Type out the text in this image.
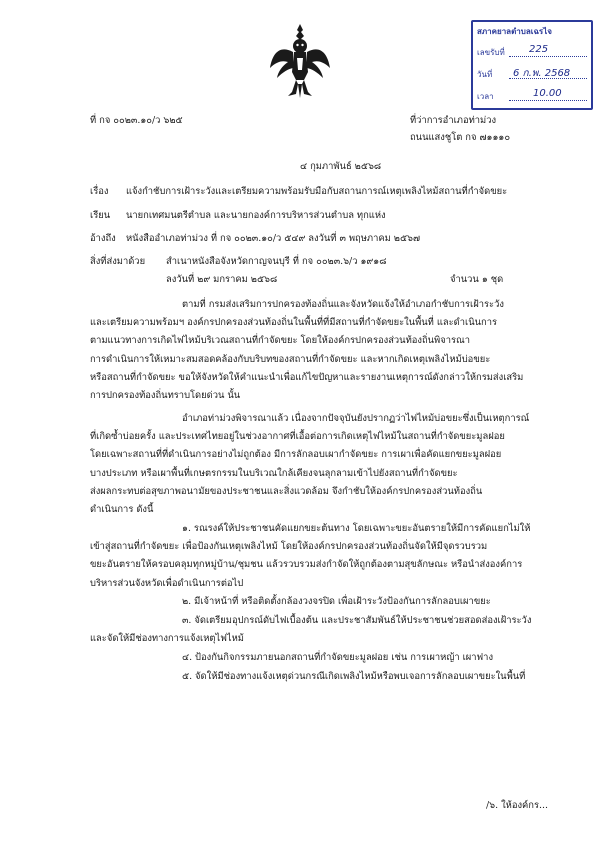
สภาคยาลตำบลเฉรไจ
เลขรับที่ 225
วันที่ 6 ก.พ. 2568
เวลา	10.00
ที่ กจ ๐๐๒๓.๑๐/ว ๖๒๕	ที่ว่าการอำเภอท่าม่วง
ถนนแสงชูโต กจ ๗๑๑๑๐
๔ กุมภาพันธ์ ๒๕๖๘
เรื่อง แจ้งกำชับการเฝ้าระวังและเตรียมความพร้อมรับมือกับสถานการณ์เหตุเพลิงไหม้สถานที่กำจัดขยะ
เรียน นายกเทศมนตรีตำบล และนายกองค์การบริหารส่วนตำบล ทุกแห่ง
อ้างถึง หนังสืออำเภอท่าม่วง ที่ กจ ๐๐๒๓.๑๐/ว ๕๔๙ ลงวันที่ ๓ พฤษภาคม ๒๕๖๗
สิ่งที่ส่งมาด้วย สำเนาหนังสือจังหวัดกาญจนบุรี ที่ กจ ๐๐๒๓.๖/ว ๑๙๑๘
ลงวันที่ ๒๙ มกราคม ๒๕๖๘	จำนวน ๑ ชุด
ตามที่ กรมส่งเสริมการปกครองท้องถิ่นและจังหวัดแจ้งให้อำเภอกำชับการเฝ้าระวัง
และเตรียมความพร้อมฯ องค์กรปกครองส่วนท้องถิ่นในพื้นที่ที่มีสถานที่กำจัดขยะในพื้นที่ และดำเนินการ
ตามแนวทางการเกิดไฟไหม้บริเวณสถานที่กำจัดขยะ โดยให้องค์กรปกครองส่วนท้องถิ่นพิจารณา
การดำเนินการให้เหมาะสมสอดคล้องกับบริบทของสถานที่กำจัดขยะ และหากเกิดเหตุเพลิงไหม้บ่อขยะ
หรือสถานที่กำจัดขยะ ขอให้จังหวัดให้คำแนะนำเพื่อแก้ไขปัญหาและรายงานเหตุการณ์ดังกล่าวให้กรมส่งเสริม
การปกครองท้องถิ่นทราบโดยด่วน นั้น
อำเภอท่าม่วงพิจารณาแล้ว เนื่องจากปัจจุบันยังปรากฏว่าไฟไหม้บ่อขยะซึ่งเป็นเหตุการณ์
ที่เกิดซ้ำบ่อยครั้ง และประเทศไทยอยู่ในช่วงอากาศที่เอื้อต่อการเกิดเหตุไฟไหม้ในสถานที่กำจัดขยะมูลฝอย
โดยเฉพาะสถานที่ที่ดำเนินการอย่างไม่ถูกต้อง มีการลักลอบเผากำจัดขยะ การเผาเพื่อคัดแยกขยะมูลฝอย
บางประเภท หรือเผาพื้นที่เกษตรกรรมในบริเวณใกล้เคียงจนลุกลามเข้าไปยังสถานที่กำจัดขยะ
ส่งผลกระทบต่อสุขภาพอนามัยของประชาชนและสิ่งแวดล้อม จึงกำชับให้องค์กรปกครองส่วนท้องถิ่น
ดำเนินการ ดังนี้
๑. รณรงค์ให้ประชาชนคัดแยกขยะต้นทาง โดยเฉพาะขยะอันตรายให้มีการคัดแยกไม่ให้
เข้าสู่สถานที่กำจัดขยะ เพื่อป้องกันเหตุเพลิงไหม้ โดยให้องค์กรปกครองส่วนท้องถิ่นจัดให้มีจุดรวบรวม
ขยะอันตรายให้ครอบคลุมทุกหมู่บ้าน/ชุมชน แล้วรวบรวมส่งกำจัดให้ถูกต้องตามสุขลักษณะ หรือนำส่งองค์การ
บริหารส่วนจังหวัดเพื่อดำเนินการต่อไป
๒. มีเจ้าหน้าที่ หรือติดตั้งกล้องวงจรปิด เพื่อเฝ้าระวังป้องกันการลักลอบเผาขยะ
๓. จัดเตรียมอุปกรณ์ดับไฟเบื้องต้น และประชาสัมพันธ์ให้ประชาชนช่วยสอดส่องเฝ้าระวัง
และจัดให้มีช่องทางการแจ้งเหตุไฟไหม้
๔. ป้องกันกิจกรรมภายนอกสถานที่กำจัดขยะมูลฝอย เช่น การเผาหญ้า เผาฟาง
๕. จัดให้มีช่องทางแจ้งเหตุด่วนกรณีเกิดเพลิงไหม้หรือพบเจอการลักลอบเผาขยะในพื้นที่
/๖. ให้องค์กร...
